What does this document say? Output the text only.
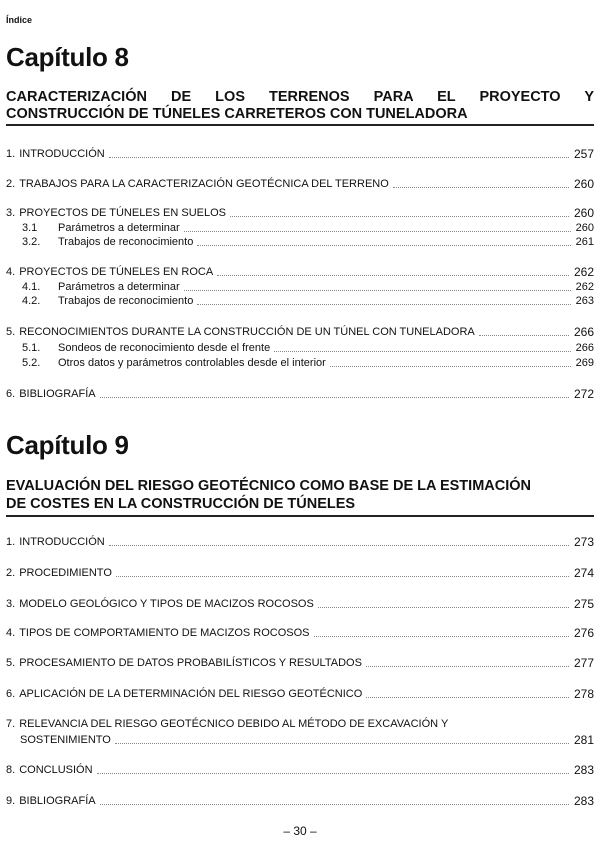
Índice
Capítulo 8
CARACTERIZACIÓN DE LOS TERRENOS PARA EL PROYECTO Y
CONSTRUCCIÓN DE TÚNELES CARRETEROS CON TUNELADORA
1. INTRODUCCIÓN	257
2. TRABAJOS PARA LA CARACTERIZACIÓN GEOTÉCNICA DEL TERRENO	260
3. PROYECTOS DE TÚNELES EN SUELOS	260
3.1	Parámetros a determinar	260
3.2.	Trabajos de reconocimiento	261
4. PROYECTOS DE TÚNELES EN ROCA	262
4.1.	Parámetros a determinar	262
4.2.	Trabajos de reconocimiento	263
5. RECONOCIMIENTOS DURANTE LA CONSTRUCCIÓN DE UN TÚNEL CON TUNELADORA	266
5.1.	Sondeos de reconocimiento desde el frente	266
5.2.	Otros datos y parámetros controlables desde el interior	269
6. BIBLIOGRAFÍA	272
Capítulo 9
EVALUACIÓN DEL RIESGO GEOTÉCNICO COMO BASE DE LA ESTIMACIÓN
DE COSTES EN LA CONSTRUCCIÓN DE TÚNELES
1. INTRODUCCIÓN	273
2. PROCEDIMIENTO	274
3. MODELO GEOLÓGICO Y TIPOS DE MACIZOS ROCOSOS	275
4. TIPOS DE COMPORTAMIENTO DE MACIZOS ROCOSOS	276
5. PROCESAMIENTO DE DATOS PROBABILÍSTICOS Y RESULTADOS	277
6. APLICACIÓN DE LA DETERMINACIÓN DEL RIESGO GEOTÉCNICO	278
7. RELEVANCIA DEL RIESGO GEOTÉCNICO DEBIDO AL MÉTODO DE EXCAVACIÓN Y
SOSTENIMIENTO	281
8. CONCLUSIÓN	283
9. BIBLIOGRAFÍA	283
– 30 –
